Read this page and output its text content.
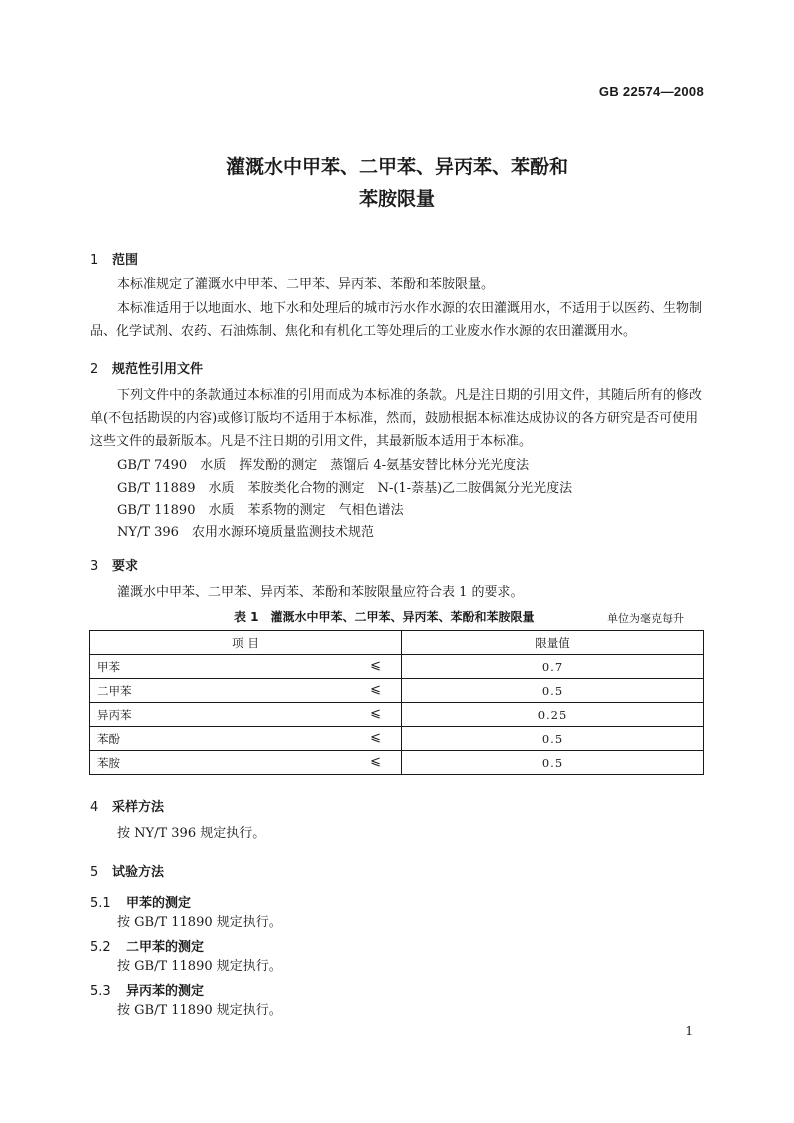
GB 22574—2008
灌溉水中甲苯、二甲苯、异丙苯、苯酚和
苯胺限量
1 范围
本标准规定了灌溉水中甲苯、二甲苯、异丙苯、苯酚和苯胺限量。
本标准适用于以地面水、地下水和处理后的城市污水作水源的农田灌溉用水，不适用于以医药、生物制品、化学试剂、农药、石油炼制、焦化和有机化工等处理后的工业废水作水源的农田灌溉用水。
2 规范性引用文件
下列文件中的条款通过本标准的引用而成为本标准的条款。凡是注日期的引用文件，其随后所有的修改单(不包括勘误的内容)或修订版均不适用于本标准，然而，鼓励根据本标准达成协议的各方研究是否可使用这些文件的最新版本。凡是不注日期的引用文件，其最新版本适用于本标准。
GB/T 7490　 水质　 挥发酚的测定　 蒸馏后 4-氨基安替比林分光光度法
GB/T 11889　 水质　 苯胺类化合物的测定　 N-(1-萘基)乙二胺偶氮分光光度法
GB/T 11890　 水质　 苯系物的测定　 气相色谱法
NY/T 396　 农用水源环境质量监测技术规范
3 要求
灌溉水中甲苯、二甲苯、异丙苯、苯酚和苯胺限量应符合表 1 的要求。
表 1　灌溉水中甲苯、二甲苯、异丙苯、苯酚和苯胺限量	单位为毫克每升
项 目	限量值
甲苯 ⩽	0.7
二甲苯 ⩽	0.5
异丙苯 ⩽	0.25
苯酚 ⩽	0.5
苯胺 ⩽	0.5
4 采样方法
按 NY/T 396 规定执行。
5 试验方法
5.1 甲苯的测定
按 GB/T 11890 规定执行。
5.2 二甲苯的测定
按 GB/T 11890 规定执行。
5.3 异丙苯的测定
按 GB/T 11890 规定执行。
1
